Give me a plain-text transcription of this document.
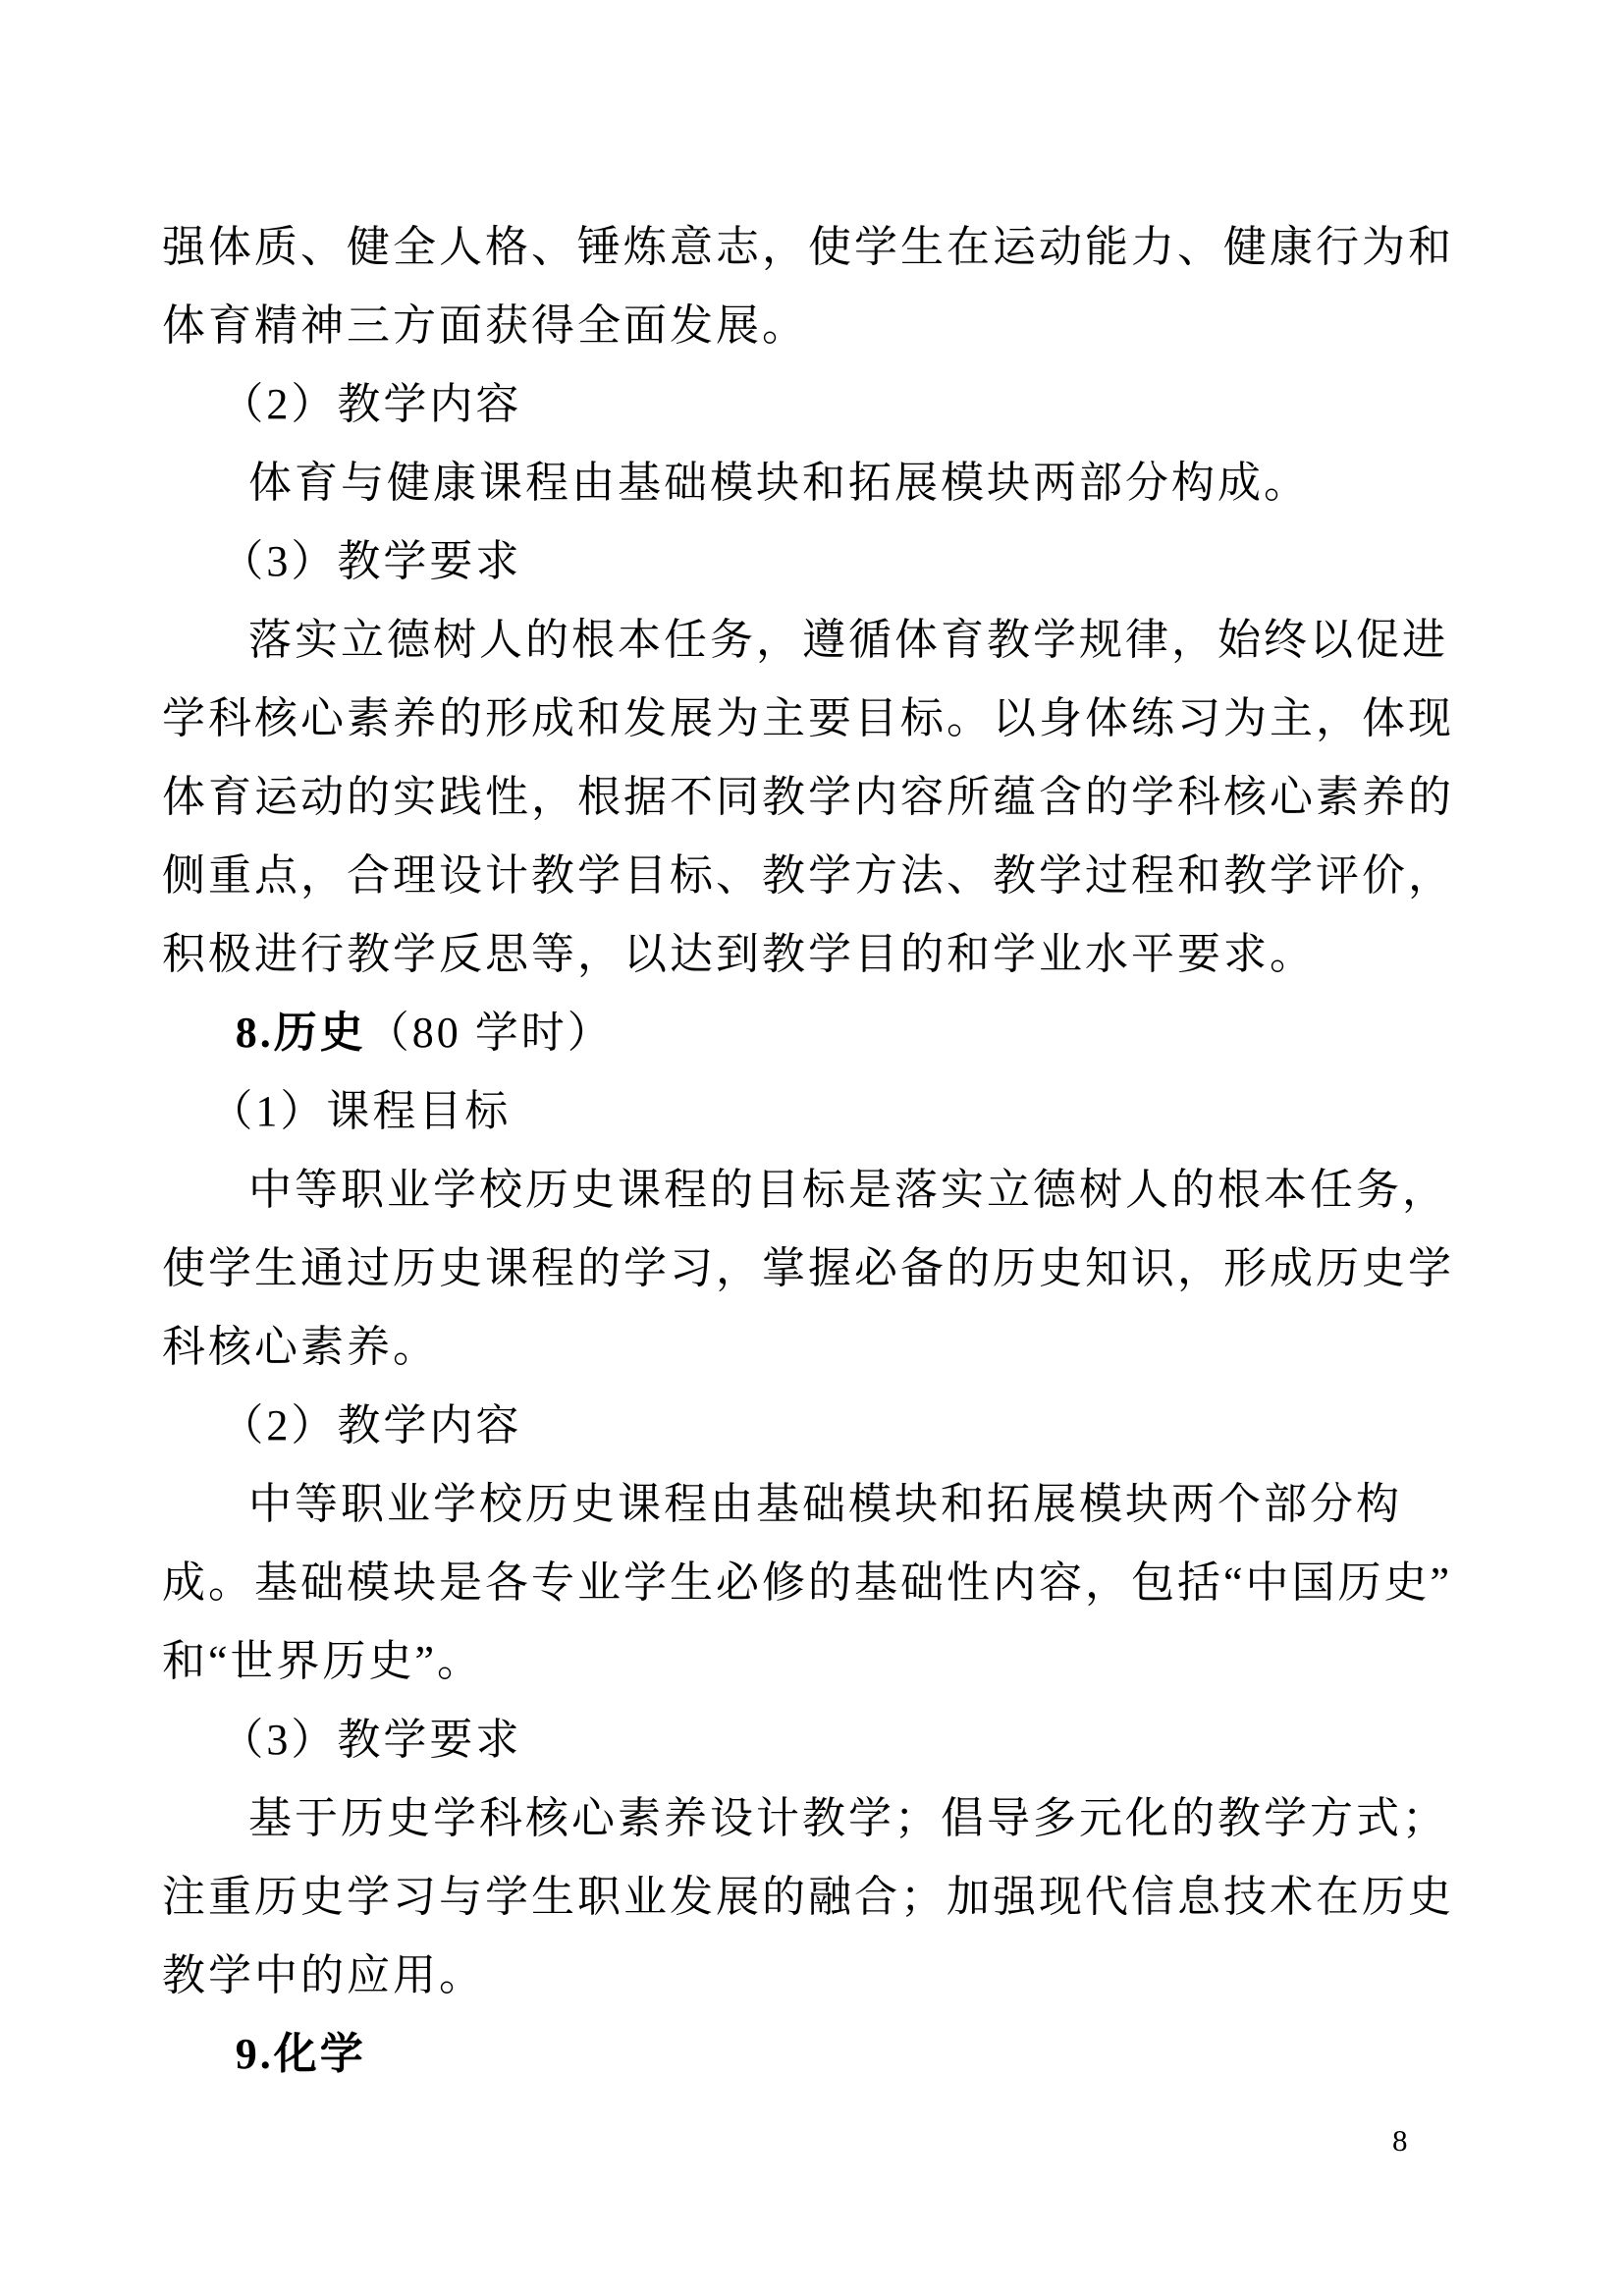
强体质、健全人格、锤炼意志，使学生在运动能力、健康行为和
体育精神三方面获得全面发展。
（2）教学内容
体育与健康课程由基础模块和拓展模块两部分构成。
（3）教学要求
落实立德树人的根本任务，遵循体育教学规律，始终以促进
学科核心素养的形成和发展为主要目标。以身体练习为主，体现
体育运动的实践性，根据不同教学内容所蕴含的学科核心素养的
侧重点，合理设计教学目标、教学方法、教学过程和教学评价，
积极进行教学反思等，以达到教学目的和学业水平要求。
8.历史（80 学时）
（1）课程目标
中等职业学校历史课程的目标是落实立德树人的根本任务，
使学生通过历史课程的学习，掌握必备的历史知识，形成历史学
科核心素养。
（2）教学内容
中等职业学校历史课程由基础模块和拓展模块两个部分构
成。基础模块是各专业学生必修的基础性内容，包括“中国历史”
和“世界历史”。
（3）教学要求
基于历史学科核心素养设计教学；倡导多元化的教学方式；
注重历史学习与学生职业发展的融合；加强现代信息技术在历史
教学中的应用。
9.化学
8
